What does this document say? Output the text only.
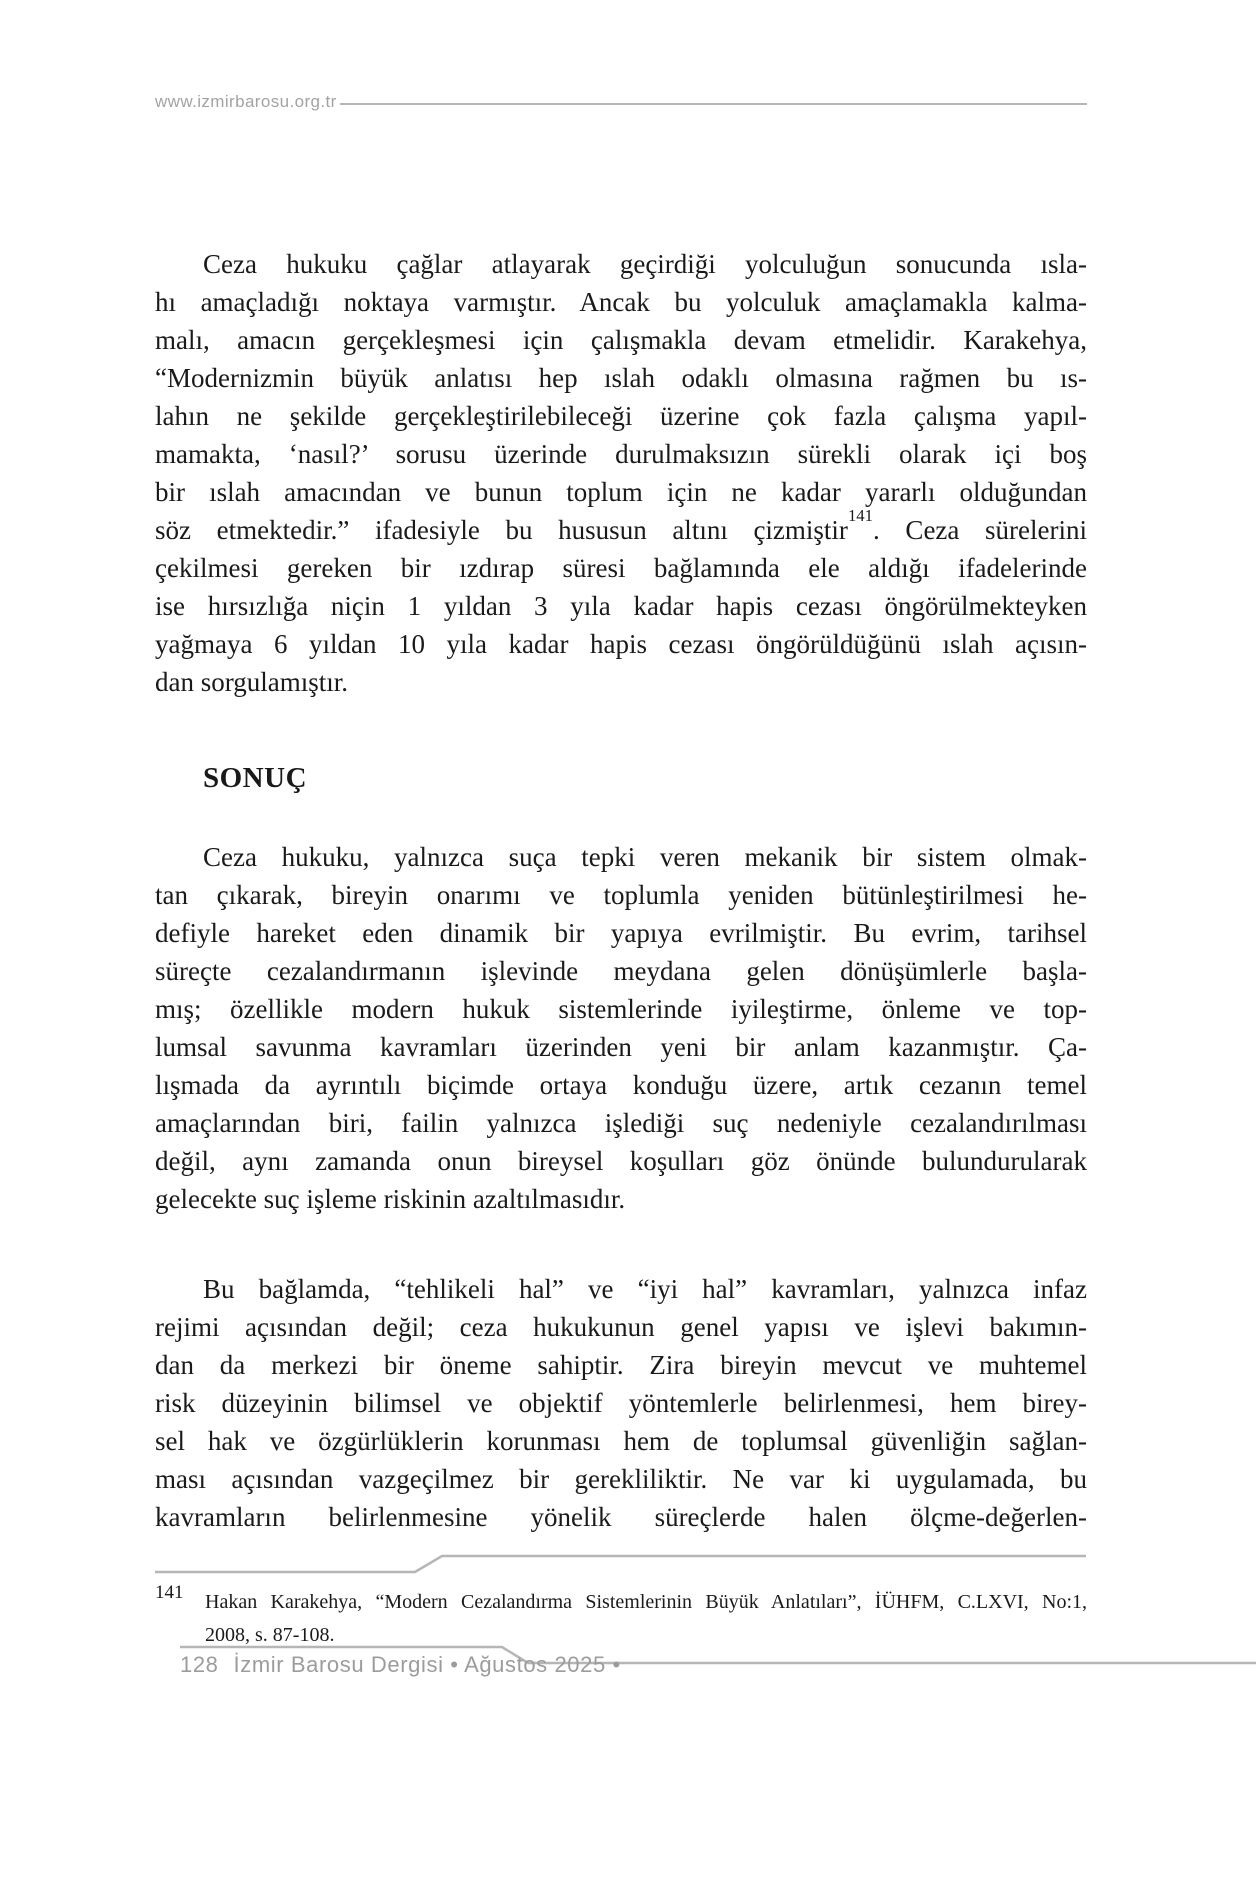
www.izmirbarosu.org.tr
Ceza hukuku çağlar atlayarak geçirdiği yolculuğun sonucunda ısla-
hı amaçladığı noktaya varmıştır. Ancak bu yolculuk amaçlamakla kalma-
malı, amacın gerçekleşmesi için çalışmakla devam etmelidir. Karakehya,
“Modernizmin büyük anlatısı hep ıslah odaklı olmasına rağmen bu ıs-
lahın ne şekilde gerçekleştirilebileceği üzerine çok fazla çalışma yapıl-
mamakta, ‘nasıl?’ sorusu üzerinde durulmaksızın sürekli olarak içi boş
bir ıslah amacından ve bunun toplum için ne kadar yararlı olduğundan
söz etmektedir.” ifadesiyle bu hususun altını çizmiştir$^{141}$. Ceza sürelerini
çekilmesi gereken bir ızdırap süresi bağlamında ele aldığı ifadelerinde
ise hırsızlığa niçin 1 yıldan 3 yıla kadar hapis cezası öngörülmekteyken
yağmaya 6 yıldan 10 yıla kadar hapis cezası öngörüldüğünü ıslah açısın-
dan sorgulamıştır.
SONUÇ
Ceza hukuku, yalnızca suça tepki veren mekanik bir sistem olmak-
tan çıkarak, bireyin onarımı ve toplumla yeniden bütünleştirilmesi he-
defiyle hareket eden dinamik bir yapıya evrilmiştir. Bu evrim, tarihsel
süreçte cezalandırmanın işlevinde meydana gelen dönüşümlerle başla-
mış; özellikle modern hukuk sistemlerinde iyileştirme, önleme ve top-
lumsal savunma kavramları üzerinden yeni bir anlam kazanmıştır. Ça-
lışmada da ayrıntılı biçimde ortaya konduğu üzere, artık cezanın temel
amaçlarından biri, failin yalnızca işlediği suç nedeniyle cezalandırılması
değil, aynı zamanda onun bireysel koşulları göz önünde bulundurularak
gelecekte suç işleme riskinin azaltılmasıdır.
Bu bağlamda, “tehlikeli hal” ve “iyi hal” kavramları, yalnızca infaz
rejimi açısından değil; ceza hukukunun genel yapısı ve işlevi bakımın-
dan da merkezi bir öneme sahiptir. Zira bireyin mevcut ve muhtemel
risk düzeyinin bilimsel ve objektif yöntemlerle belirlenmesi, hem birey-
sel hak ve özgürlüklerin korunması hem de toplumsal güvenliğin sağlan-
ması açısından vazgeçilmez bir gerekliliktir. Ne var ki uygulamada, bu
kavramların belirlenmesine yönelik süreçlerde halen ölçme-değerlen-
141 Hakan Karakehya, “Modern Cezalandırma Sistemlerinin Büyük Anlatıları”, İÜHFM, C.LXVI, No:1,
2008, s. 87-108.
128 İzmir Barosu Dergisi • Ağustos 2025 •
